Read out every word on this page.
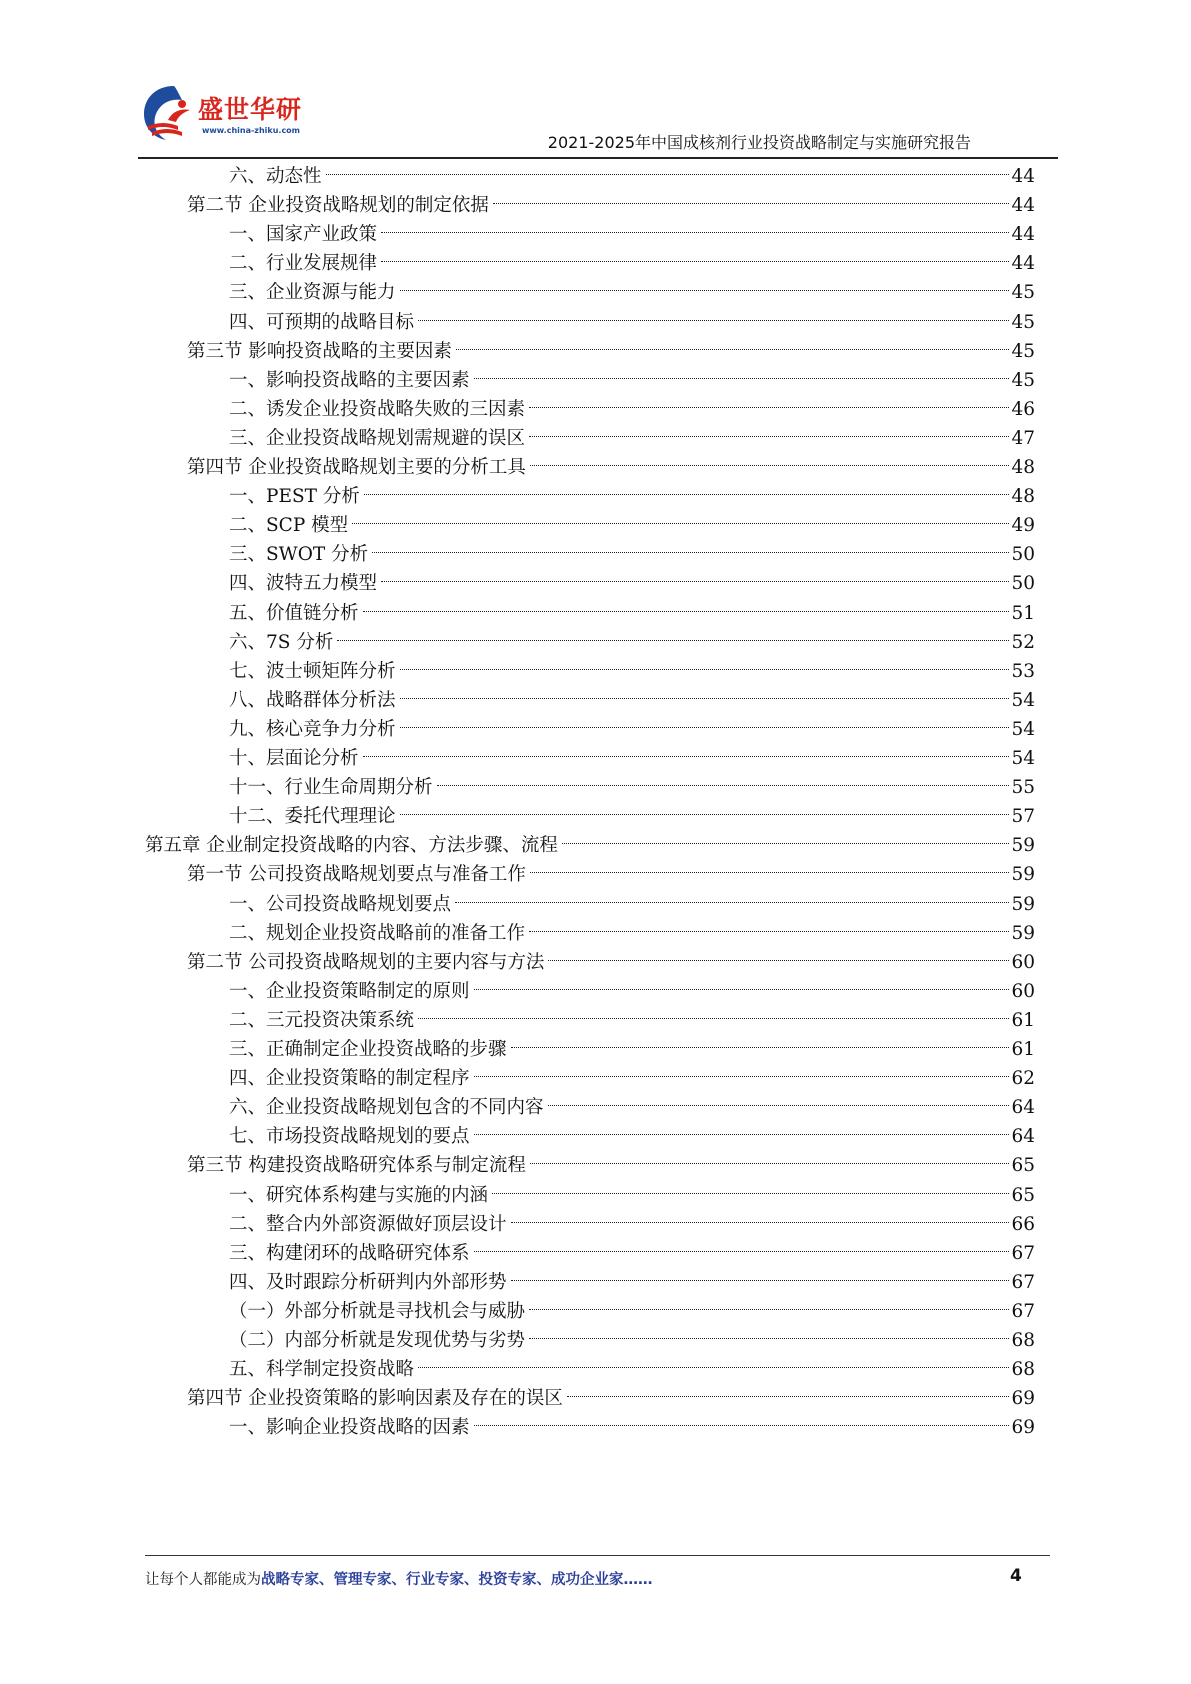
盛世华研
www.china-zhiku.com
2021-2025年中国成核剂行业投资战略制定与实施研究报告
六、动态性	44
第二节 企业投资战略规划的制定依据	44
一、国家产业政策	44
二、行业发展规律	44
三、企业资源与能力	45
四、可预期的战略目标	45
第三节 影响投资战略的主要因素	45
一、影响投资战略的主要因素	45
二、诱发企业投资战略失败的三因素	46
三、企业投资战略规划需规避的误区	47
第四节 企业投资战略规划主要的分析工具	48
一、PEST 分析	48
二、SCP 模型	49
三、SWOT 分析	50
四、波特五力模型	50
五、价值链分析	51
六、7S 分析	52
七、波士顿矩阵分析	53
八、战略群体分析法	54
九、核心竞争力分析	54
十、层面论分析	54
十一、行业生命周期分析	55
十二、委托代理理论	57
第五章 企业制定投资战略的内容、方法步骤、流程	59
第一节 公司投资战略规划要点与准备工作	59
一、公司投资战略规划要点	59
二、规划企业投资战略前的准备工作	59
第二节 公司投资战略规划的主要内容与方法	60
一、企业投资策略制定的原则	60
二、三元投资决策系统	61
三、正确制定企业投资战略的步骤	61
四、企业投资策略的制定程序	62
六、企业投资战略规划包含的不同内容	64
七、市场投资战略规划的要点	64
第三节 构建投资战略研究体系与制定流程	65
一、研究体系构建与实施的内涵	65
二、整合内外部资源做好顶层设计	66
三、构建闭环的战略研究体系	67
四、及时跟踪分析研判内外部形势	67
（一）外部分析就是寻找机会与威胁	67
（二）内部分析就是发现优势与劣势	68
五、科学制定投资战略	68
第四节 企业投资策略的影响因素及存在的误区	69
一、影响企业投资战略的因素	69
让每个人都能成为战略专家、管理专家、行业专家、投资专家、成功企业家……	4
